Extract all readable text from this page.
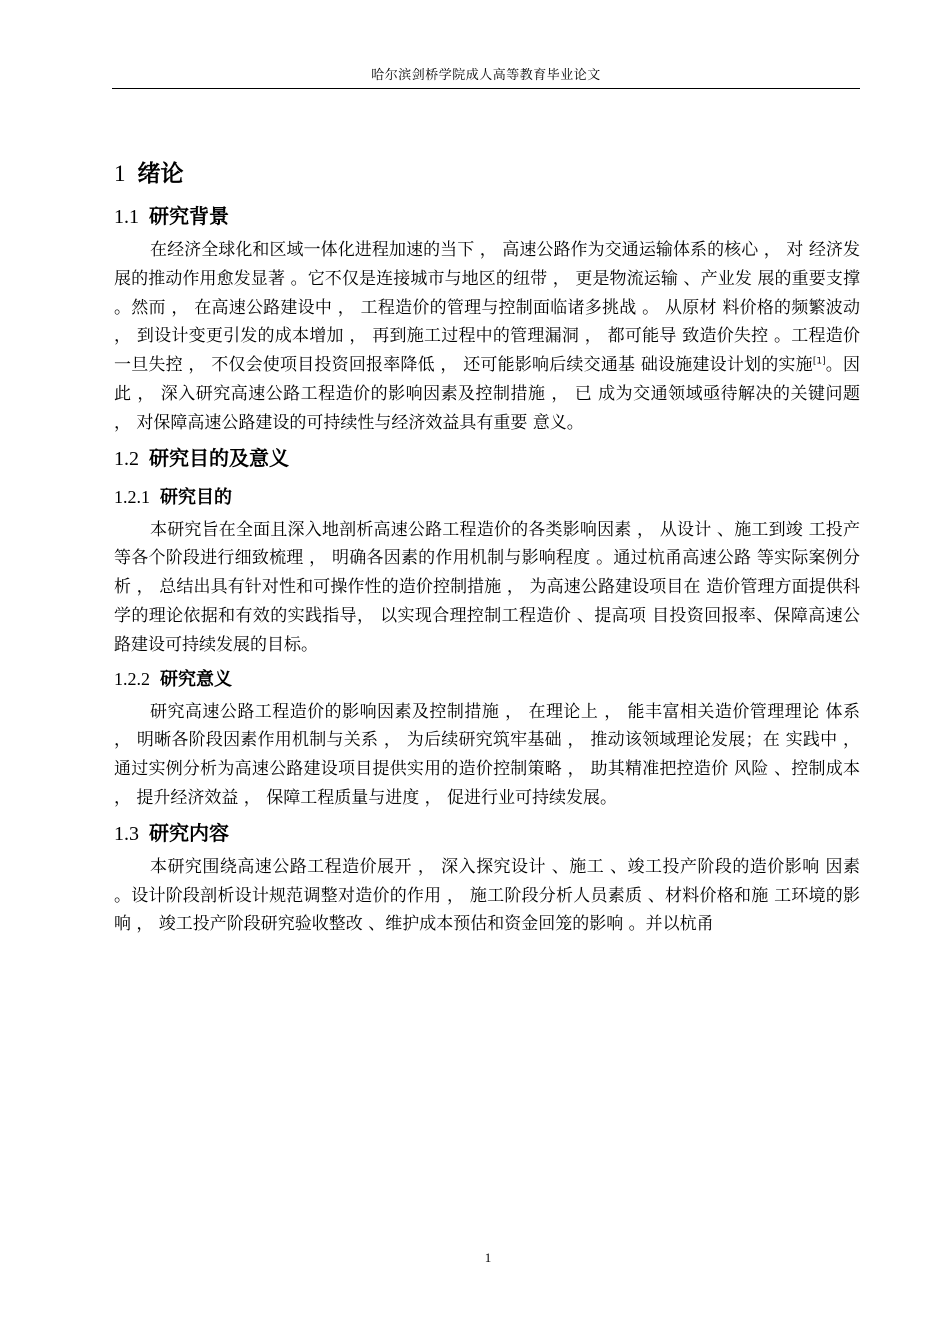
哈尔滨剑桥学院成人高等教育毕业论文
1 绪论
1.1 研究背景

在经济全球化和区域一体化进程加速的当下 ， 高速公路作为交通运输体系的核心 ， 对 经济发展的推动作用愈发显著 。它不仅是连接城市与地区的纽带 ， 更是物流运输 、产业发 展的重要支撑 。然而 ， 在高速公路建设中 ， 工程造价的管理与控制面临诸多挑战 。 从原材 料价格的频繁波动 ， 到设计变更引发的成本增加 ， 再到施工过程中的管理漏洞 ， 都可能导 致造价失控 。工程造价一旦失控 ， 不仅会使项目投资回报率降低 ， 还可能影响后续交通基 础设施建设计划的实施[1]。因此 ， 深入研究高速公路工程造价的影响因素及控制措施 ， 已 成为交通领域亟待解决的关键问题 ， 对保障高速公路建设的可持续性与经济效益具有重要 意义。

1.2 研究目的及意义
1.2.1 研究目的

本研究旨在全面且深入地剖析高速公路工程造价的各类影响因素 ， 从设计 、施工到竣 工投产等各个阶段进行细致梳理 ， 明确各因素的作用机制与影响程度 。通过杭甬高速公路 等实际案例分析 ， 总结出具有针对性和可操作性的造价控制措施 ， 为高速公路建设项目在 造价管理方面提供科学的理论依据和有效的实践指导， 以实现合理控制工程造价 、提高项 目投资回报率、保障高速公路建设可持续发展的目标。

1.2.2 研究意义

研究高速公路工程造价的影响因素及控制措施 ， 在理论上 ， 能丰富相关造价管理理论 体系 ， 明晰各阶段因素作用机制与关系 ， 为后续研究筑牢基础 ， 推动该领域理论发展；在 实践中 ， 通过实例分析为高速公路建设项目提供实用的造价控制策略 ， 助其精准把控造价 风险 、控制成本 ， 提升经济效益 ， 保障工程质量与进度 ， 促进行业可持续发展。

1.3 研究内容

本研究围绕高速公路工程造价展开 ， 深入探究设计 、施工 、竣工投产阶段的造价影响 因素 。设计阶段剖析设计规范调整对造价的作用 ， 施工阶段分析人员素质 、材料价格和施 工环境的影响 ， 竣工投产阶段研究验收整改 、维护成本预估和资金回笼的影响 。并以杭甬

1
